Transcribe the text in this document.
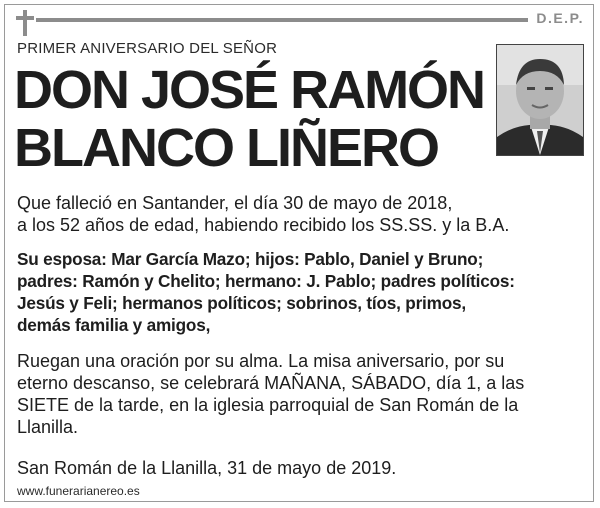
D.E.P.
PRIMER ANIVERSARIO DEL SEÑOR
DON JOSÉ RAMÓN
BLANCO LIÑERO
Que falleció en Santander, el día 30 de mayo de 2018,
a los 52 años de edad, habiendo recibido los SS.SS. y la B.A.
Su esposa: Mar García Mazo; hijos: Pablo, Daniel y Bruno;
padres: Ramón y Chelito; hermano: J. Pablo; padres políticos:
Jesús y Feli; hermanos políticos; sobrinos, tíos, primos,
demás familia y amigos,
Ruegan una oración por su alma. La misa aniversario, por su
eterno descanso, se celebrará MAÑANA, SÁBADO, día 1, a las
SIETE de la tarde, en la iglesia parroquial de San Román de la
Llanilla.
San Román de la Llanilla, 31 de mayo de 2019.
www.funerarianereo.es
